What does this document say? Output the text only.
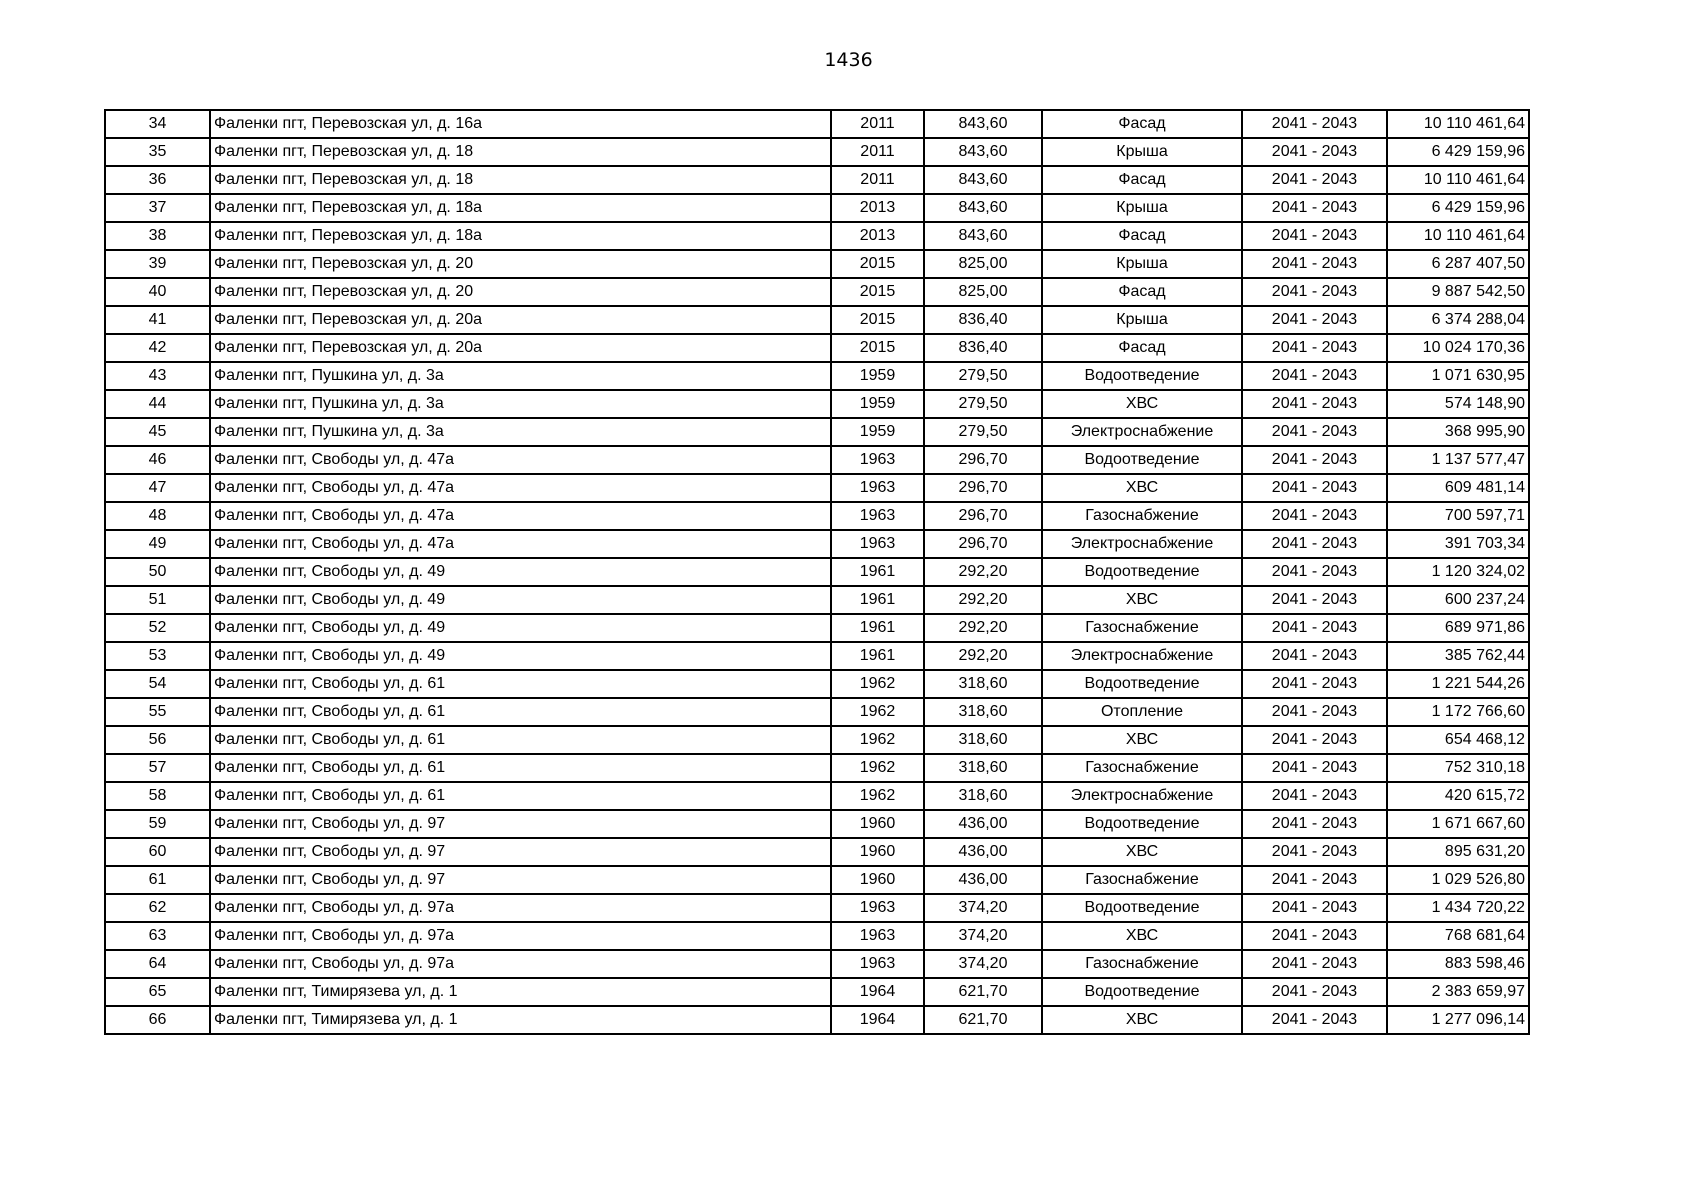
1436
34	Фаленки пгт, Перевозская ул, д. 16а	2011	843,60	Фасад	2041 - 2043	10 110 461,64
35	Фаленки пгт, Перевозская ул, д. 18	2011	843,60	Крыша	2041 - 2043	6 429 159,96
36	Фаленки пгт, Перевозская ул, д. 18	2011	843,60	Фасад	2041 - 2043	10 110 461,64
37	Фаленки пгт, Перевозская ул, д. 18а	2013	843,60	Крыша	2041 - 2043	6 429 159,96
38	Фаленки пгт, Перевозская ул, д. 18а	2013	843,60	Фасад	2041 - 2043	10 110 461,64
39	Фаленки пгт, Перевозская ул, д. 20	2015	825,00	Крыша	2041 - 2043	6 287 407,50
40	Фаленки пгт, Перевозская ул, д. 20	2015	825,00	Фасад	2041 - 2043	9 887 542,50
41	Фаленки пгт, Перевозская ул, д. 20а	2015	836,40	Крыша	2041 - 2043	6 374 288,04
42	Фаленки пгт, Перевозская ул, д. 20а	2015	836,40	Фасад	2041 - 2043	10 024 170,36
43	Фаленки пгт, Пушкина ул, д. 3а	1959	279,50	Водоотведение	2041 - 2043	1 071 630,95
44	Фаленки пгт, Пушкина ул, д. 3а	1959	279,50	ХВС	2041 - 2043	574 148,90
45	Фаленки пгт, Пушкина ул, д. 3а	1959	279,50	Электроснабжение	2041 - 2043	368 995,90
46	Фаленки пгт, Свободы ул, д. 47а	1963	296,70	Водоотведение	2041 - 2043	1 137 577,47
47	Фаленки пгт, Свободы ул, д. 47а	1963	296,70	ХВС	2041 - 2043	609 481,14
48	Фаленки пгт, Свободы ул, д. 47а	1963	296,70	Газоснабжение	2041 - 2043	700 597,71
49	Фаленки пгт, Свободы ул, д. 47а	1963	296,70	Электроснабжение	2041 - 2043	391 703,34
50	Фаленки пгт, Свободы ул, д. 49	1961	292,20	Водоотведение	2041 - 2043	1 120 324,02
51	Фаленки пгт, Свободы ул, д. 49	1961	292,20	ХВС	2041 - 2043	600 237,24
52	Фаленки пгт, Свободы ул, д. 49	1961	292,20	Газоснабжение	2041 - 2043	689 971,86
53	Фаленки пгт, Свободы ул, д. 49	1961	292,20	Электроснабжение	2041 - 2043	385 762,44
54	Фаленки пгт, Свободы ул, д. 61	1962	318,60	Водоотведение	2041 - 2043	1 221 544,26
55	Фаленки пгт, Свободы ул, д. 61	1962	318,60	Отопление	2041 - 2043	1 172 766,60
56	Фаленки пгт, Свободы ул, д. 61	1962	318,60	ХВС	2041 - 2043	654 468,12
57	Фаленки пгт, Свободы ул, д. 61	1962	318,60	Газоснабжение	2041 - 2043	752 310,18
58	Фаленки пгт, Свободы ул, д. 61	1962	318,60	Электроснабжение	2041 - 2043	420 615,72
59	Фаленки пгт, Свободы ул, д. 97	1960	436,00	Водоотведение	2041 - 2043	1 671 667,60
60	Фаленки пгт, Свободы ул, д. 97	1960	436,00	ХВС	2041 - 2043	895 631,20
61	Фаленки пгт, Свободы ул, д. 97	1960	436,00	Газоснабжение	2041 - 2043	1 029 526,80
62	Фаленки пгт, Свободы ул, д. 97а	1963	374,20	Водоотведение	2041 - 2043	1 434 720,22
63	Фаленки пгт, Свободы ул, д. 97а	1963	374,20	ХВС	2041 - 2043	768 681,64
64	Фаленки пгт, Свободы ул, д. 97а	1963	374,20	Газоснабжение	2041 - 2043	883 598,46
65	Фаленки пгт, Тимирязева ул, д. 1	1964	621,70	Водоотведение	2041 - 2043	2 383 659,97
66	Фаленки пгт, Тимирязева ул, д. 1	1964	621,70	ХВС	2041 - 2043	1 277 096,14
